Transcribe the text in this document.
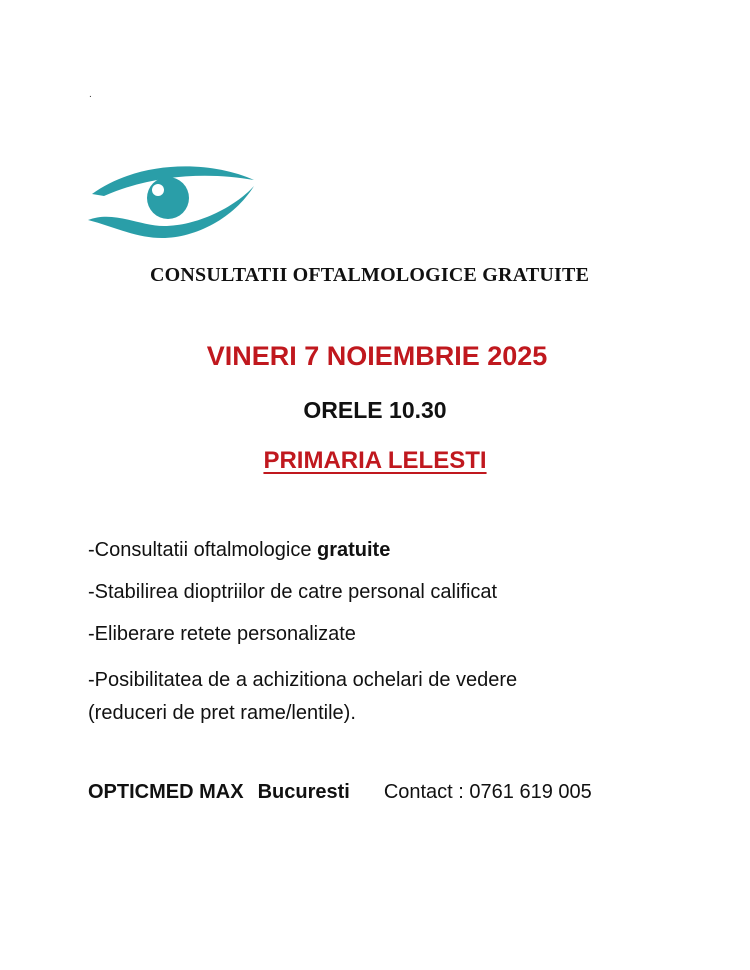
.
CONSULTATII OFTALMOLOGICE GRATUITE
VINERI 7 NOIEMBRIE 2025
ORELE 10.30
PRIMARIA LELESTI
-Consultatii oftalmologice gratuite
-Stabilirea dioptriilor de catre personal calificat
-Eliberare retete personalizate
-Posibilitatea de a achizitiona ochelari de vedere
(reduceri de pret rame/lentile).
OPTICMED MAX Bucuresti Contact : 0761 619 005
